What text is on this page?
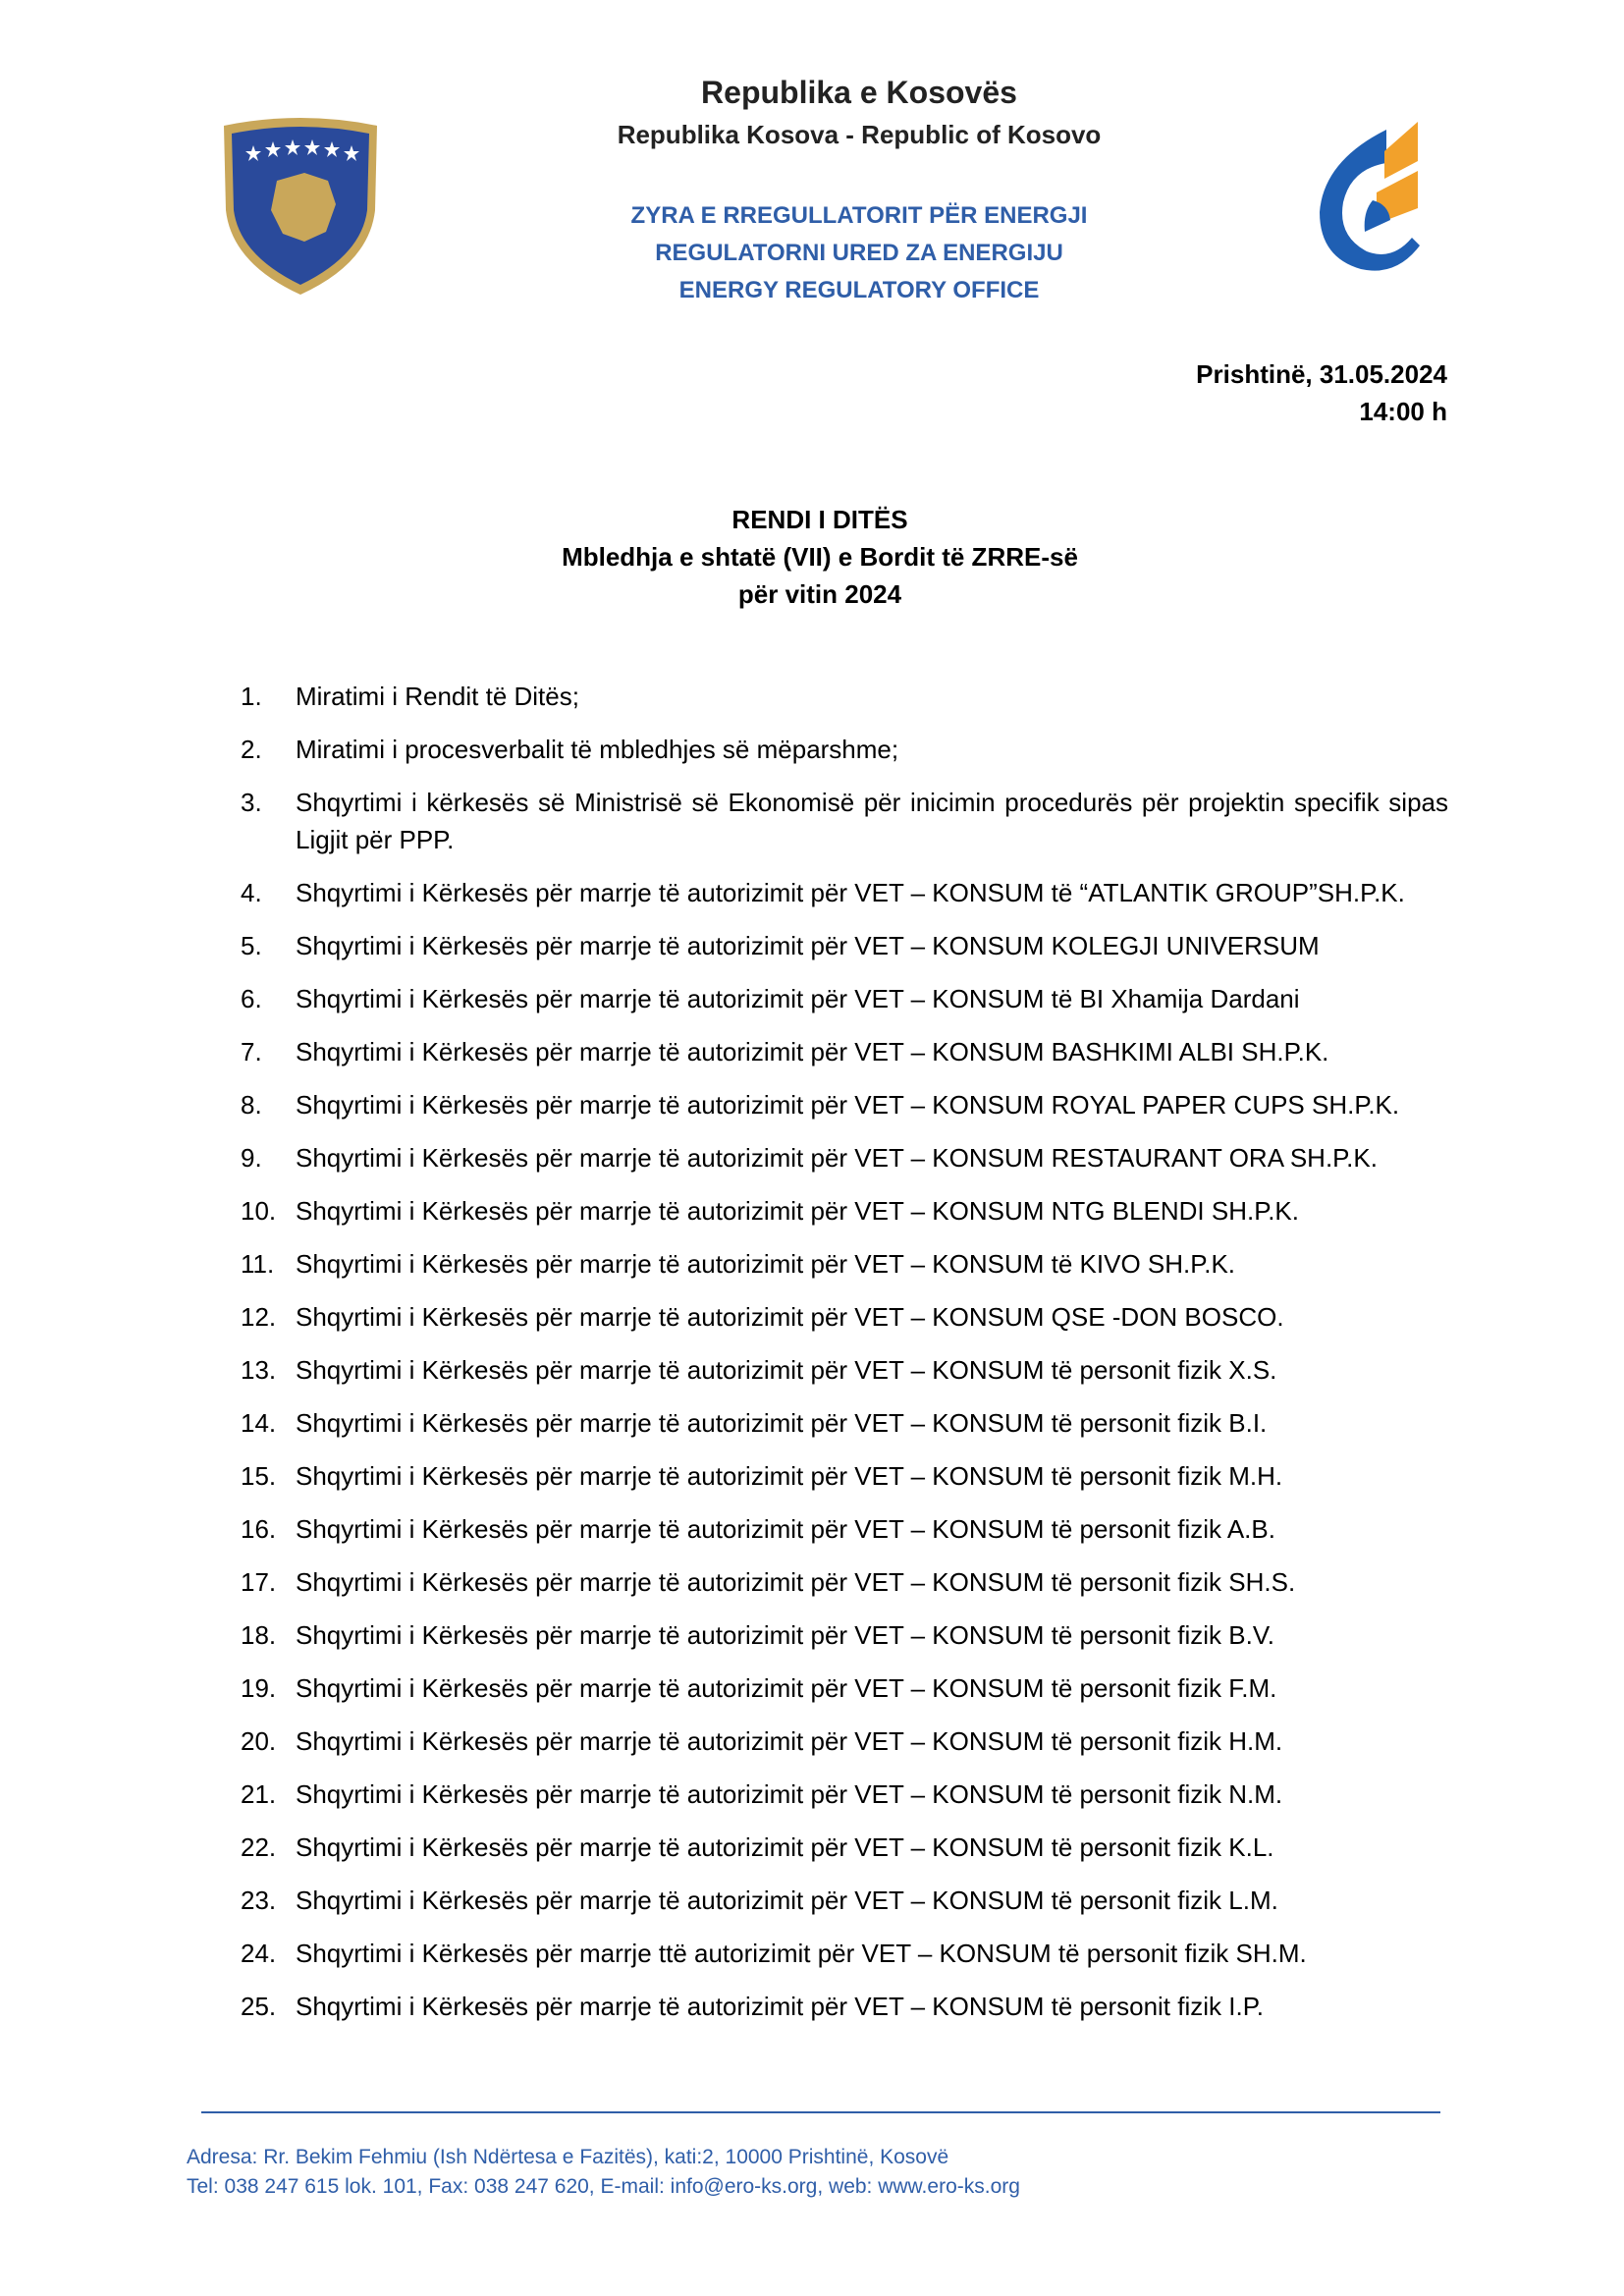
Republika e Kosovës
Republika Kosova - Republic of Kosovo
ZYRA E RREGULLATORIT PËR ENERGJI
REGULATORNI URED ZA ENERGIJU
ENERGY REGULATORY OFFICE
Prishtinë, 31.05.2024
14:00 h
RENDI I DITËS
Mbledhja e shtatë (VII) e Bordit të ZRRE-së
për vitin 2024
1.	Miratimi i Rendit të Ditës;
2.	Miratimi i procesverbalit të mbledhjes së mëparshme;
3.	Shqyrtimi i kërkesës së Ministrisë së Ekonomisë për inicimin procedurës për projektin specifik sipas Ligjit për PPP.
4.	Shqyrtimi i Kërkesës për marrje të autorizimit për VET – KONSUM të “ATLANTIK GROUP”SH.P.K.
5.	Shqyrtimi i Kërkesës për marrje të autorizimit për VET – KONSUM KOLEGJI UNIVERSUM
6.	Shqyrtimi i Kërkesës për marrje të autorizimit për VET – KONSUM të BI Xhamija Dardani
7.	Shqyrtimi i Kërkesës për marrje të autorizimit për VET – KONSUM BASHKIMI ALBI SH.P.K.
8.	Shqyrtimi i Kërkesës për marrje të autorizimit për VET – KONSUM ROYAL PAPER CUPS SH.P.K.
9.	Shqyrtimi i Kërkesës për marrje të autorizimit për VET – KONSUM RESTAURANT ORA SH.P.K.
10. Shqyrtimi i Kërkesës për marrje të autorizimit për VET – KONSUM NTG BLENDI SH.P.K.
11. Shqyrtimi i Kërkesës për marrje të autorizimit për VET – KONSUM të KIVO SH.P.K.
12. Shqyrtimi i Kërkesës për marrje të autorizimit për VET – KONSUM QSE -DON BOSCO.
13. Shqyrtimi i Kërkesës për marrje të autorizimit për VET – KONSUM të personit fizik X.S.
14. Shqyrtimi i Kërkesës për marrje të autorizimit për VET – KONSUM të personit fizik B.I.
15. Shqyrtimi i Kërkesës për marrje të autorizimit për VET – KONSUM të personit fizik M.H.
16. Shqyrtimi i Kërkesës për marrje të autorizimit për VET – KONSUM të personit fizik A.B.
17. Shqyrtimi i Kërkesës për marrje të autorizimit për VET – KONSUM të personit fizik SH.S.
18. Shqyrtimi i Kërkesës për marrje të autorizimit për VET – KONSUM të personit fizik B.V.
19. Shqyrtimi i Kërkesës për marrje të autorizimit për VET – KONSUM të personit fizik F.M.
20. Shqyrtimi i Kërkesës për marrje të autorizimit për VET – KONSUM të personit fizik H.M.
21. Shqyrtimi i Kërkesës për marrje të autorizimit për VET – KONSUM të personit fizik N.M.
22. Shqyrtimi i Kërkesës për marrje të autorizimit për VET – KONSUM të personit fizik K.L.
23. Shqyrtimi i Kërkesës për marrje të autorizimit për VET – KONSUM të personit fizik L.M.
24. Shqyrtimi i Kërkesës për marrje ttë autorizimit për VET – KONSUM të personit fizik SH.M.
25. Shqyrtimi i Kërkesës për marrje të autorizimit për VET – KONSUM të personit fizik I.P.
Adresa: Rr. Bekim Fehmiu (Ish Ndërtesa e Fazitës), kati:2, 10000 Prishtinë, Kosovë
Tel: 038 247 615 lok. 101, Fax: 038 247 620, E-mail: info@ero-ks.org, web: www.ero-ks.org
